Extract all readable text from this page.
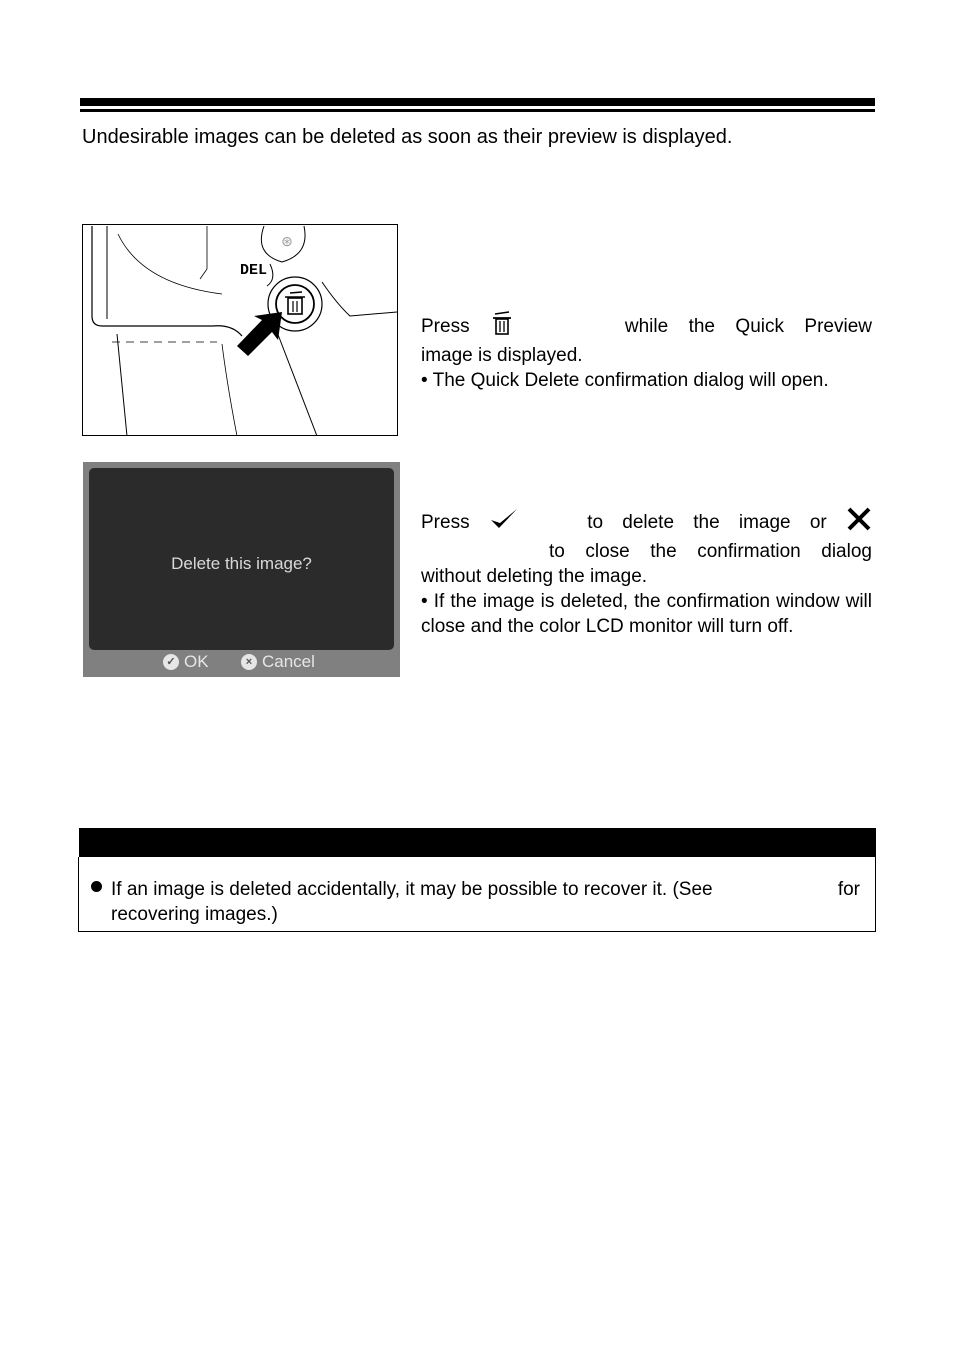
Undesirable images can be deleted as soon as their preview is displayed.
⊛
DEL
Press	while the Quick Preview
image is displayed.
• The Quick Delete confirmation dialog will open.
Delete this image?
✓ OK	× Cancel
Press	to delete the image or
to close the confirmation dialog
without deleting the image.
• If the image is deleted, the confirmation window will close and the color LCD monitor will turn off.
If an image is deleted accidentally, it may be possible to recover it. (See	for
recovering images.)
